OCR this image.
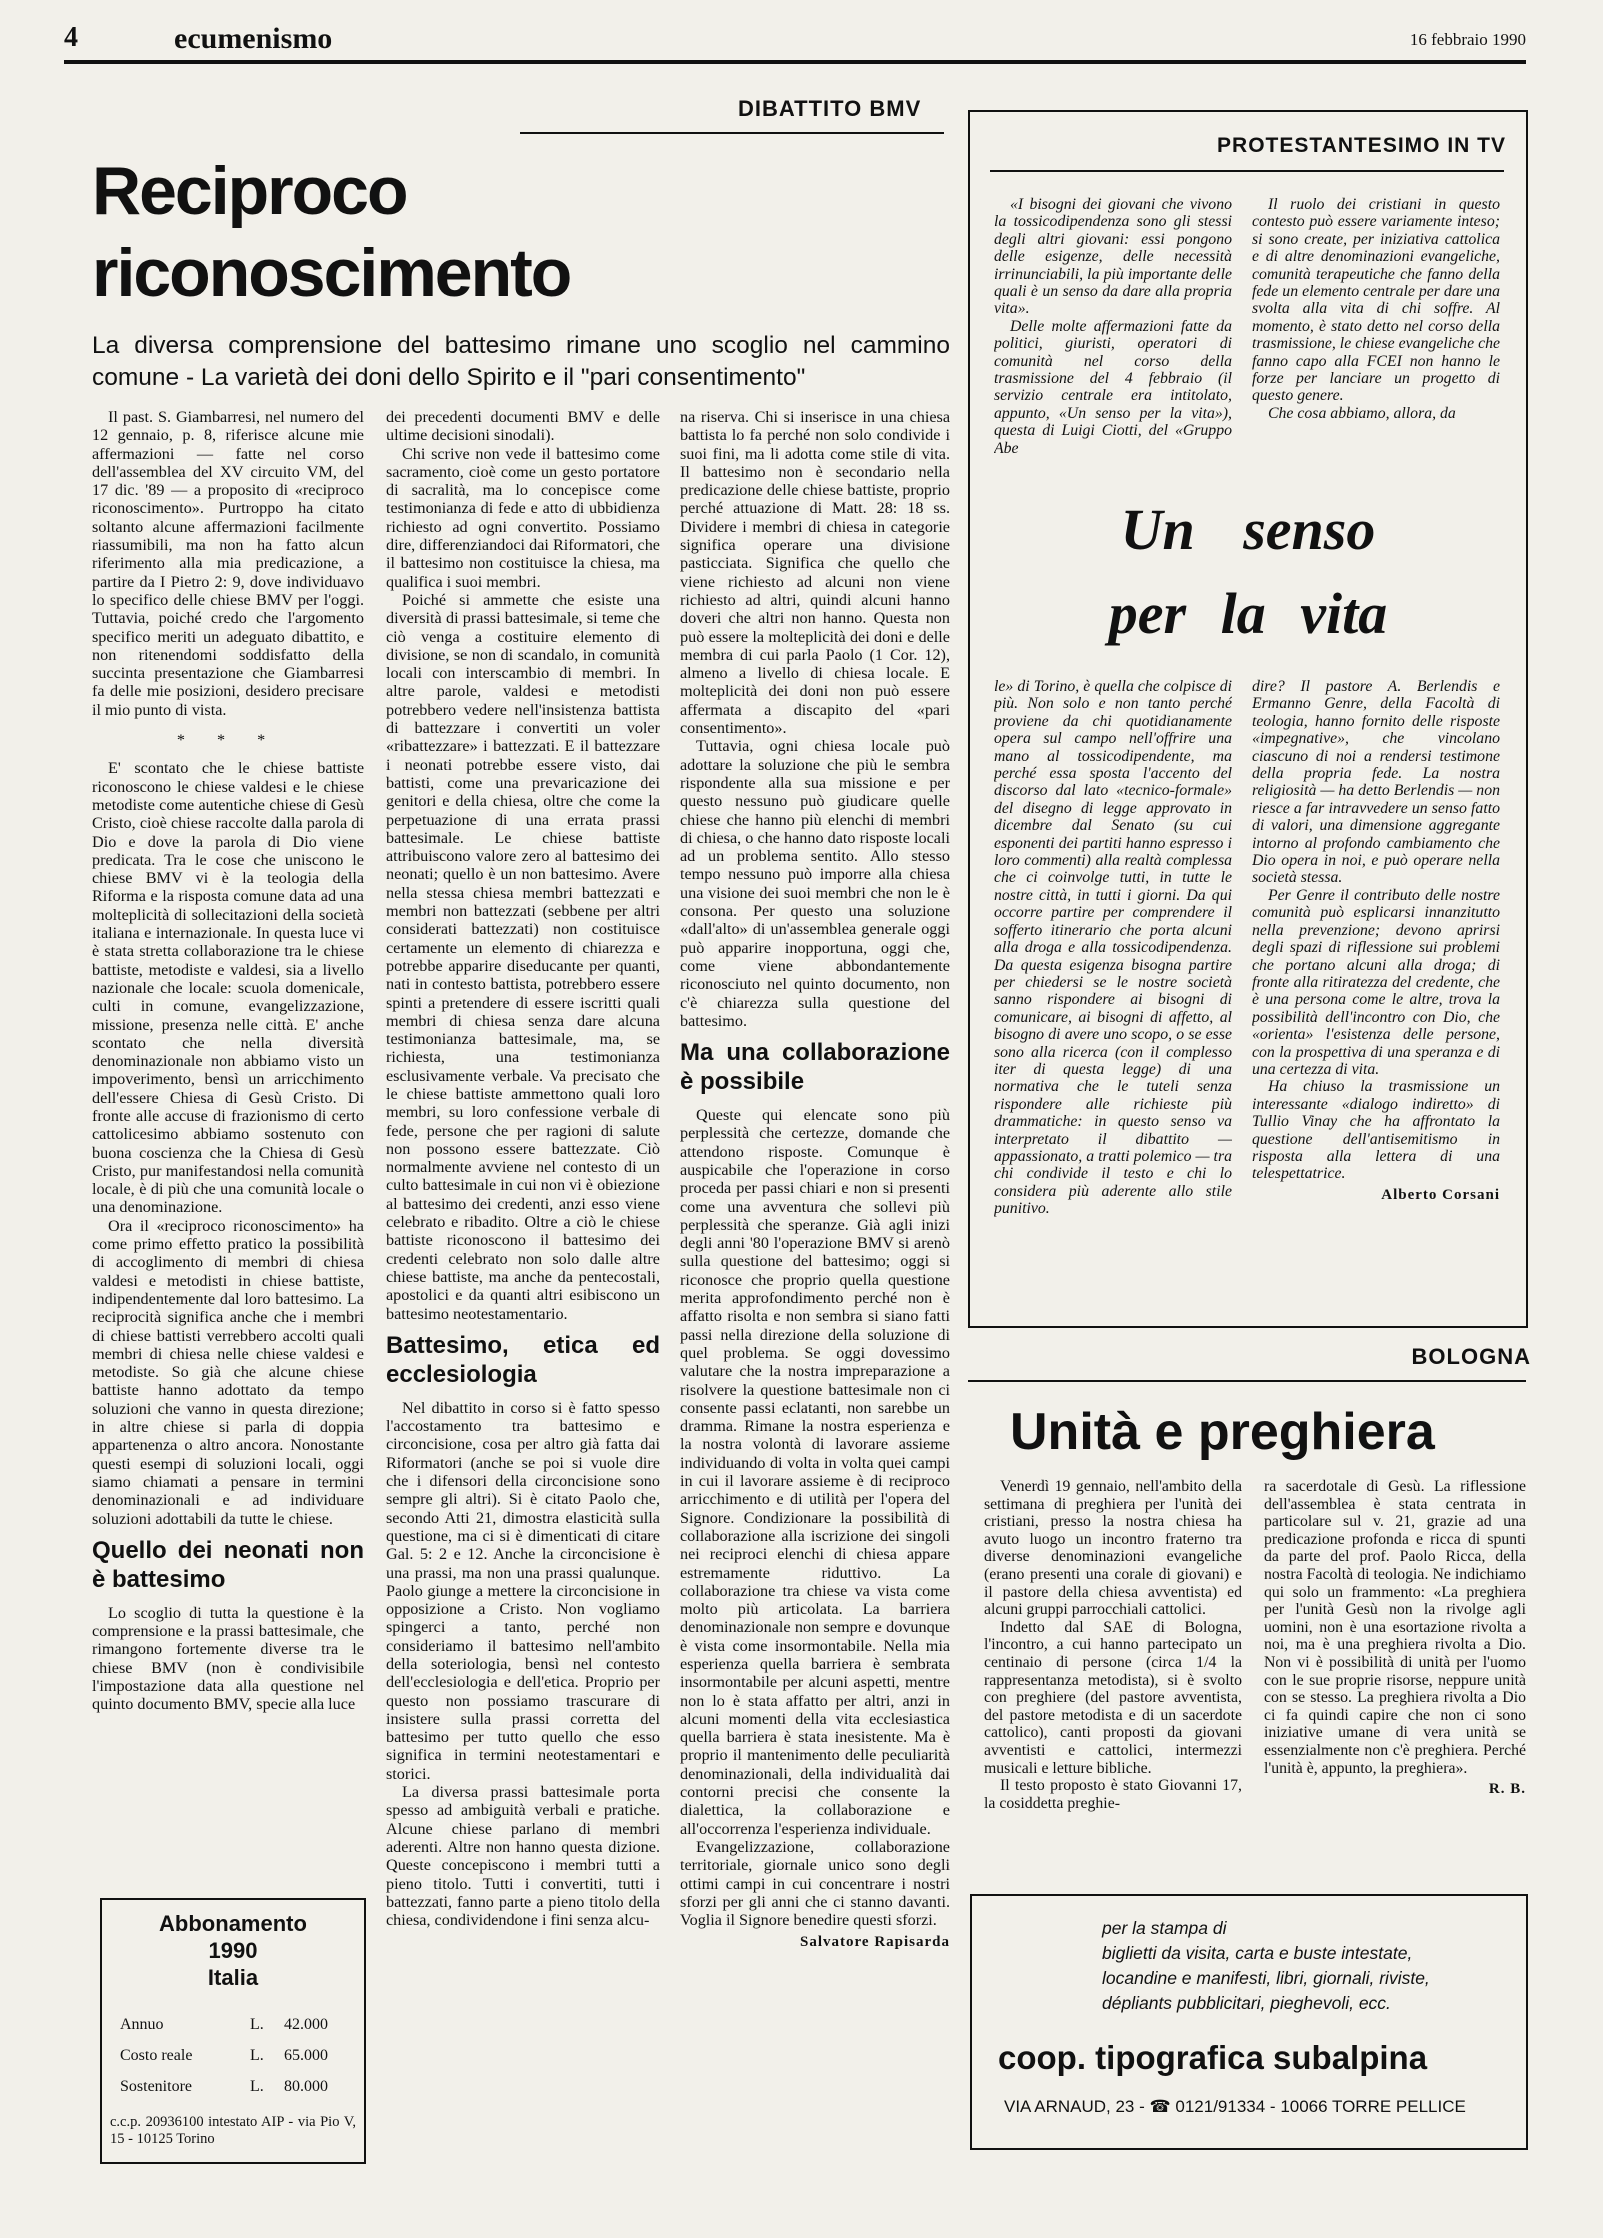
4	ecumenismo	16 febbraio 1990
DIBATTITO BMV
Reciproco
riconoscimento
La diversa comprensione del battesimo rimane uno scoglio nel cammino comune - La varietà dei doni dello Spirito e il "pari consentimento"

Il past. S. Giambarresi, nel numero del 12 gennaio, p. 8, riferisce alcune mie affermazioni — fatte nel corso dell'assemblea del XV circuito VM, del 17 dic. '89 — a proposito di «reciproco riconoscimento». Purtroppo ha citato soltanto alcune affermazioni facilmente riassumibili, ma non ha fatto alcun riferimento alla mia predicazione, a partire da I Pietro 2: 9, dove individuavo lo specifico delle chiese BMV per l'oggi. Tuttavia, poiché credo che l'argomento specifico meriti un adeguato dibattito, e non ritenendomi soddisfatto della succinta presentazione che Giambarresi fa delle mie posizioni, desidero precisare il mio punto di vista.

* * *

E' scontato che le chiese battiste riconoscono le chiese valdesi e le chiese metodiste come autentiche chiese di Gesù Cristo, cioè chiese raccolte dalla parola di Dio e dove la parola di Dio viene predicata. Tra le cose che uniscono le chiese BMV vi è la teologia della Riforma e la risposta comune data ad una molteplicità di sollecitazioni della società italiana e internazionale. In questa luce vi è stata stretta collaborazione tra le chiese battiste, metodiste e valdesi, sia a livello nazionale che locale: scuola domenicale, culti in comune, evangelizzazione, missione, presenza nelle città. E' anche scontato che nella diversità denominazionale non abbiamo visto un impoverimento, bensì un arricchimento dell'essere Chiesa di Gesù Cristo. Di fronte alle accuse di frazionismo di certo cattolicesimo abbiamo sostenuto con buona coscienza che la Chiesa di Gesù Cristo, pur manifestandosi nella comunità locale, è di più che una comunità locale o una denominazione.

Ora il «reciproco riconoscimento» ha come primo effetto pratico la possibilità di accoglimento di membri di chiesa valdesi e metodisti in chiese battiste, indipendentemente dal loro battesimo. La reciprocità significa anche che i membri di chiese battisti verrebbero accolti quali membri di chiesa nelle chiese valdesi e metodiste. So già che alcune chiese battiste hanno adottato da tempo soluzioni che vanno in questa direzione; in altre chiese si parla di doppia appartenenza o altro ancora. Nonostante questi esempi di soluzioni locali, oggi siamo chiamati a pensare in termini denominazionali e ad individuare soluzioni adottabili da tutte le chiese.

Quello dei neonati non è battesimo

Lo scoglio di tutta la questione è la comprensione e la prassi battesimale, che rimangono fortemente diverse tra le chiese BMV (non è condivisibile l'impostazione data alla questione nel quinto documento BMV, specie alla luce

Abbonamento
1990
Italia
Annuo	L.	42.000
Costo reale	L.	65.000
Sostenitore	L.	80.000
c.c.p. 20936100 intestato AIP - via Pio V, 15 - 10125 Torino

dei precedenti documenti BMV e delle ultime decisioni sinodali).

Chi scrive non vede il battesimo come sacramento, cioè come un gesto portatore di sacralità, ma lo concepisce come testimonianza di fede e atto di ubbidienza richiesto ad ogni convertito. Possiamo dire, differenziandoci dai Riformatori, che il battesimo non costituisce la chiesa, ma qualifica i suoi membri.

Poiché si ammette che esiste una diversità di prassi battesimale, si teme che ciò venga a costituire elemento di divisione, se non di scandalo, in comunità locali con interscambio di membri. In altre parole, valdesi e metodisti potrebbero vedere nell'insistenza battista di battezzare i convertiti un voler «ribattezzare» i battezzati. E il battezzare i neonati potrebbe essere visto, dai battisti, come una prevaricazione dei genitori e della chiesa, oltre che come la perpetuazione di una errata prassi battesimale. Le chiese battiste attribuiscono valore zero al battesimo dei neonati; quello è un non battesimo. Avere nella stessa chiesa membri battezzati e membri non battezzati (sebbene per altri considerati battezzati) non costituisce certamente un elemento di chiarezza e potrebbe apparire diseducante per quanti, nati in contesto battista, potrebbero essere spinti a pretendere di essere iscritti quali membri di chiesa senza dare alcuna testimonianza battesimale, ma, se richiesta, una testimonianza esclusivamente verbale. Va precisato che le chiese battiste ammettono quali loro membri, su loro confessione verbale di fede, persone che per ragioni di salute non possono essere battezzate. Ciò normalmente avviene nel contesto di un culto battesimale in cui non vi è obiezione al battesimo dei credenti, anzi esso viene celebrato e ribadito. Oltre a ciò le chiese battiste riconoscono il battesimo dei credenti celebrato non solo dalle altre chiese battiste, ma anche da pentecostali, apostolici e da quanti altri esibiscono un battesimo neotestamentario.

Battesimo, etica ed ecclesiologia

Nel dibattito in corso si è fatto spesso l'accostamento tra battesimo e circoncisione, cosa per altro già fatta dai Riformatori (anche se poi si vuole dire che i difensori della circoncisione sono sempre gli altri). Si è citato Paolo che, secondo Atti 21, dimostra elasticità sulla questione, ma ci si è dimenticati di citare Gal. 5: 2 e 12. Anche la circoncisione è una prassi, ma non una prassi qualunque. Paolo giunge a mettere la circoncisione in opposizione a Cristo. Non vogliamo spingerci a tanto, perché non consideriamo il battesimo nell'ambito della soteriologia, bensì nel contesto dell'ecclesiologia e dell'etica. Proprio per questo non possiamo trascurare di insistere sulla prassi corretta del battesimo per tutto quello che esso significa in termini neotestamentari e storici.

La diversa prassi battesimale porta spesso ad ambiguità verbali e pratiche. Alcune chiese parlano di membri aderenti. Altre non hanno questa dizione. Queste concepiscono i membri tutti a pieno titolo. Tutti i convertiti, tutti i battezzati, fanno parte a pieno titolo della chiesa, condividendone i fini senza alcu-

na riserva. Chi si inserisce in una chiesa battista lo fa perché non solo condivide i suoi fini, ma li adotta come stile di vita. Il battesimo non è secondario nella predicazione delle chiese battiste, proprio perché attuazione di Matt. 28: 18 ss. Dividere i membri di chiesa in categorie significa operare una divisione pasticciata. Significa che quello che viene richiesto ad alcuni non viene richiesto ad altri, quindi alcuni hanno doveri che altri non hanno. Questa non può essere la molteplicità dei doni e delle membra di cui parla Paolo (1 Cor. 12), almeno a livello di chiesa locale. E molteplicità dei doni non può essere affermata a discapito del «pari consentimento».

Tuttavia, ogni chiesa locale può adottare la soluzione che più le sembra rispondente alla sua missione e per questo nessuno può giudicare quelle chiese che hanno più elenchi di membri di chiesa, o che hanno dato risposte locali ad un problema sentito. Allo stesso tempo nessuno può imporre alla chiesa una visione dei suoi membri che non le è consona. Per questo una soluzione «dall'alto» di un'assemblea generale oggi può apparire inopportuna, oggi che, come viene abbondantemente riconosciuto nel quinto documento, non c'è chiarezza sulla questione del battesimo.

Ma una collaborazione è possibile

Queste qui elencate sono più perplessità che certezze, domande che attendono risposte. Comunque è auspicabile che l'operazione in corso proceda per passi chiari e non si presenti come una avventura che sollevi più perplessità che speranze. Già agli inizi degli anni '80 l'operazione BMV si arenò sulla questione del battesimo; oggi si riconosce che proprio quella questione merita approfondimento perché non è affatto risolta e non sembra si siano fatti passi nella direzione della soluzione di quel problema. Se oggi dovessimo valutare che la nostra impreparazione a risolvere la questione battesimale non ci consente passi eclatanti, non sarebbe un dramma. Rimane la nostra esperienza e la nostra volontà di lavorare assieme individuando di volta in volta quei campi in cui il lavorare assieme è di reciproco arricchimento e di utilità per l'opera del Signore. Condizionare la possibilità di collaborazione alla iscrizione dei singoli nei reciproci elenchi di chiesa appare estremamente riduttivo. La collaborazione tra chiese va vista come molto più articolata. La barriera denominazionale non sempre e dovunque è vista come insormontabile. Nella mia esperienza quella barriera è sembrata insormontabile per alcuni aspetti, mentre non lo è stata affatto per altri, anzi in alcuni momenti della vita ecclesiastica quella barriera è stata inesistente. Ma è proprio il mantenimento delle peculiarità denominazionali, della individualità dai contorni precisi che consente la dialettica, la collaborazione e all'occorrenza l'esperienza individuale.

Evangelizzazione, collaborazione territoriale, giornale unico sono degli ottimi campi in cui concentrare i nostri sforzi per gli anni che ci stanno davanti. Voglia il Signore benedire questi sforzi.

Salvatore Rapisarda
PROTESTANTESIMO IN TV

«I bisogni dei giovani che vivono la tossicodipendenza sono gli stessi degli altri giovani: essi pongono delle esigenze, delle necessità irrinunciabili, la più importante delle quali è un senso da dare alla propria vita».

Delle molte affermazioni fatte da politici, giuristi, operatori di comunità nel corso della trasmissione del 4 febbraio (il servizio centrale era intitolato, appunto, «Un senso per la vita»), questa di Luigi Ciotti, del «Gruppo Abe

Il ruolo dei cristiani in questo contesto può essere variamente inteso; si sono create, per iniziativa cattolica e di altre denominazioni evangeliche, comunità terapeutiche che fanno della fede un elemento centrale per dare una svolta alla vita di chi soffre. Al momento, è stato detto nel corso della trasmissione, le chiese evangeliche che fanno capo alla FCEI non hanno le forze per lanciare un progetto di questo genere.

Che cosa abbiamo, allora, da

Un senso
per la vita

le» di Torino, è quella che colpisce di più. Non solo e non tanto perché proviene da chi quotidianamente opera sul campo nell'offrire una mano al tossicodipendente, ma perché essa sposta l'accento del discorso dal lato «tecnico-formale» del disegno di legge approvato in dicembre dal Senato (su cui esponenti dei partiti hanno espresso i loro commenti) alla realtà complessa che ci coinvolge tutti, in tutte le nostre città, in tutti i giorni. Da qui occorre partire per comprendere il sofferto itinerario che porta alcuni alla droga e alla tossicodipendenza. Da questa esigenza bisogna partire per chiedersi se le nostre società sanno rispondere ai bisogni di comunicare, ai bisogni di affetto, al bisogno di avere uno scopo, o se esse sono alla ricerca (con il complesso iter di questa legge) di una normativa che le tuteli senza rispondere alle richieste più drammatiche: in questo senso va interpretato il dibattito — appassionato, a tratti polemico — tra chi condivide il testo e chi lo considera più aderente allo stile punitivo.

dire? Il pastore A. Berlendis e Ermanno Genre, della Facoltà di teologia, hanno fornito delle risposte «impegnative», che vincolano ciascuno di noi a rendersi testimone della propria fede. La nostra religiosità — ha detto Berlendis — non riesce a far intravvedere un senso fatto di valori, una dimensione aggregante intorno al profondo cambiamento che Dio opera in noi, e può operare nella società stessa.

Per Genre il contributo delle nostre comunità può esplicarsi innanzitutto nella prevenzione; devono aprirsi degli spazi di riflessione sui problemi che portano alcuni alla droga; di fronte alla ritiratezza del credente, che è una persona come le altre, trova la possibilità dell'incontro con Dio, che «orienta» l'esistenza delle persone, con la prospettiva di una speranza e di una certezza di vita.

Ha chiuso la trasmissione un interessante «dialogo indiretto» di Tullio Vinay che ha affrontato la questione dell'antisemitismo in risposta alla lettera di una telespettatrice.

Alberto Corsani
BOLOGNA
Unità e preghiera

Venerdì 19 gennaio, nell'ambito della settimana di preghiera per l'unità dei cristiani, presso la nostra chiesa ha avuto luogo un incontro fraterno tra diverse denominazioni evangeliche (erano presenti una corale di giovani) e il pastore della chiesa avventista) ed alcuni gruppi parrocchiali cattolici.

Indetto dal SAE di Bologna, l'incontro, a cui hanno partecipato un centinaio di persone (circa 1/4 la rappresentanza metodista), si è svolto con preghiere (del pastore avventista, del pastore metodista e di un sacerdote cattolico), canti proposti da giovani avventisti e cattolici, intermezzi musicali e letture bibliche.

Il testo proposto è stato Giovanni 17, la cosiddetta preghie-

ra sacerdotale di Gesù. La riflessione dell'assemblea è stata centrata in particolare sul v. 21, grazie ad una predicazione profonda e ricca di spunti da parte del prof. Paolo Ricca, della nostra Facoltà di teologia. Ne indichiamo qui solo un frammento: «La preghiera per l'unità Gesù non la rivolge agli uomini, non è una esortazione rivolta a noi, ma è una preghiera rivolta a Dio. Non vi è possibilità di unità per l'uomo con le sue proprie risorse, neppure unità con se stesso. La preghiera rivolta a Dio ci fa quindi capire che non ci sono iniziative umane di vera unità se essenzialmente non c'è preghiera. Perché l'unità è, appunto, la preghiera».

R. B.
per la stampa di
biglietti da visita, carta e buste intestate,
locandine e manifesti, libri, giornali, riviste,
dépliants pubblicitari, pieghevoli, ecc.
coop. tipografica subalpina
VIA ARNAUD, 23 - ☎ 0121/91334 - 10066 TORRE PELLICE
